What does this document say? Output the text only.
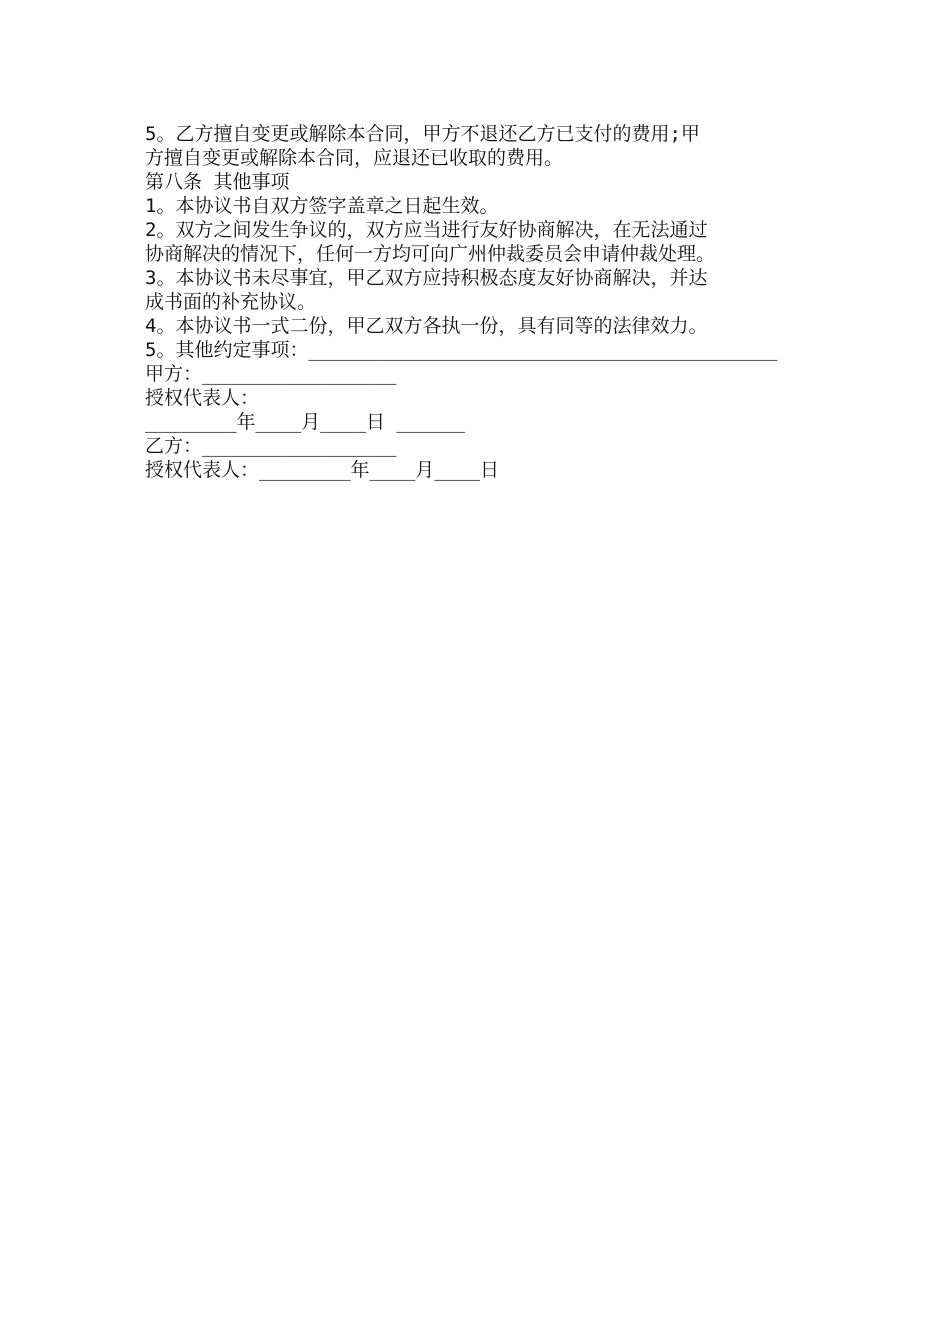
5。乙方擅自变更或解除本合同，甲方不退还乙方已支付的费用;甲
方擅自变更或解除本合同，应退还已收取的费用。
第八条 其他事项
1。本协议书自双方签字盖章之日起生效。
2。双方之间发生争议的，双方应当进行友好协商解决，在无法通过
协商解决的情况下，任何一方均可向广州仲裁委员会申请仲裁处理。
3。本协议书未尽事宜，甲乙双方应持积极态度友好协商解决，并达
成书面的补充协议。
4。本协议书一式二份，甲乙双方各执一份，具有同等的法律效力。
5。其他约定事项：_________________________________________
甲方：_________________
授权代表人：
________年____月____日 ______
乙方：_________________
授权代表人：________年____月____日
